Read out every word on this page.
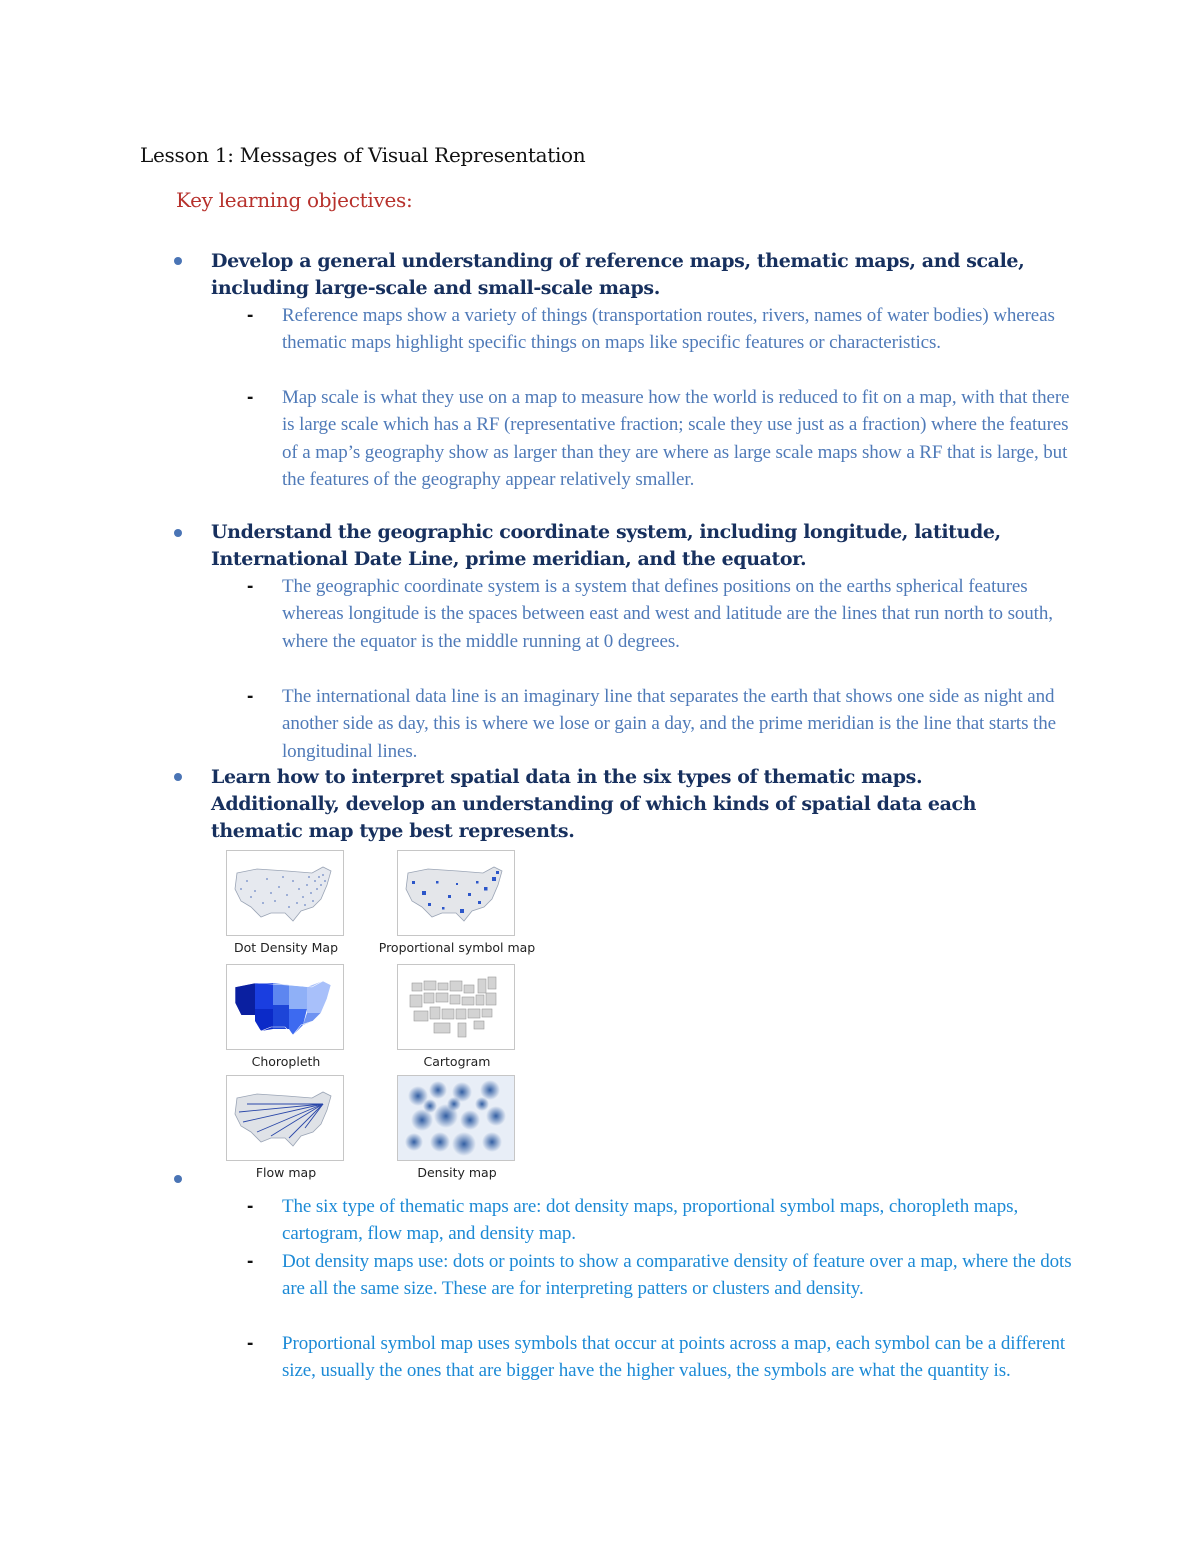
Lesson 1: Messages of Visual Representation
Key learning objectives:
Develop a general understanding of reference maps, thematic maps, and scale, including large-scale and small-scale maps.
- Reference maps show a variety of things (transportation routes, rivers, names of water bodies) whereas thematic maps highlight specific things on maps like specific features or characteristics.
- Map scale is what they use on a map to measure how the world is reduced to fit on a map, with that there is large scale which has a RF (representative fraction; scale they use just as a fraction) where the features of a map’s geography show as larger than they are where as large scale maps show a RF that is large, but the features of the geography appear relatively smaller.
Understand the geographic coordinate system, including longitude, latitude, International Date Line, prime meridian, and the equator.
- The geographic coordinate system is a system that defines positions on the earths spherical features whereas longitude is the spaces between east and west and latitude are the lines that run north to south, where the equator is the middle running at 0 degrees.
- The international data line is an imaginary line that separates the earth that shows one side as night and another side as day, this is where we lose or gain a day, and the prime meridian is the line that starts the longitudinal lines.
Learn how to interpret spatial data in the six types of thematic maps. Additionally, develop an understanding of which kinds of spatial data each thematic map type best represents.
Dot Density Map	Proportional symbol map
Choropleth	Cartogram
Flow map	Density map
- The six type of thematic maps are: dot density maps, proportional symbol maps, choropleth maps, cartogram, flow map, and density map.
- Dot density maps use: dots or points to show a comparative density of feature over a map, where the dots are all the same size. These are for interpreting patters or clusters and density.
- Proportional symbol map uses symbols that occur at points across a map, each symbol can be a different size, usually the ones that are bigger have the higher values, the symbols are what the quantity is.
